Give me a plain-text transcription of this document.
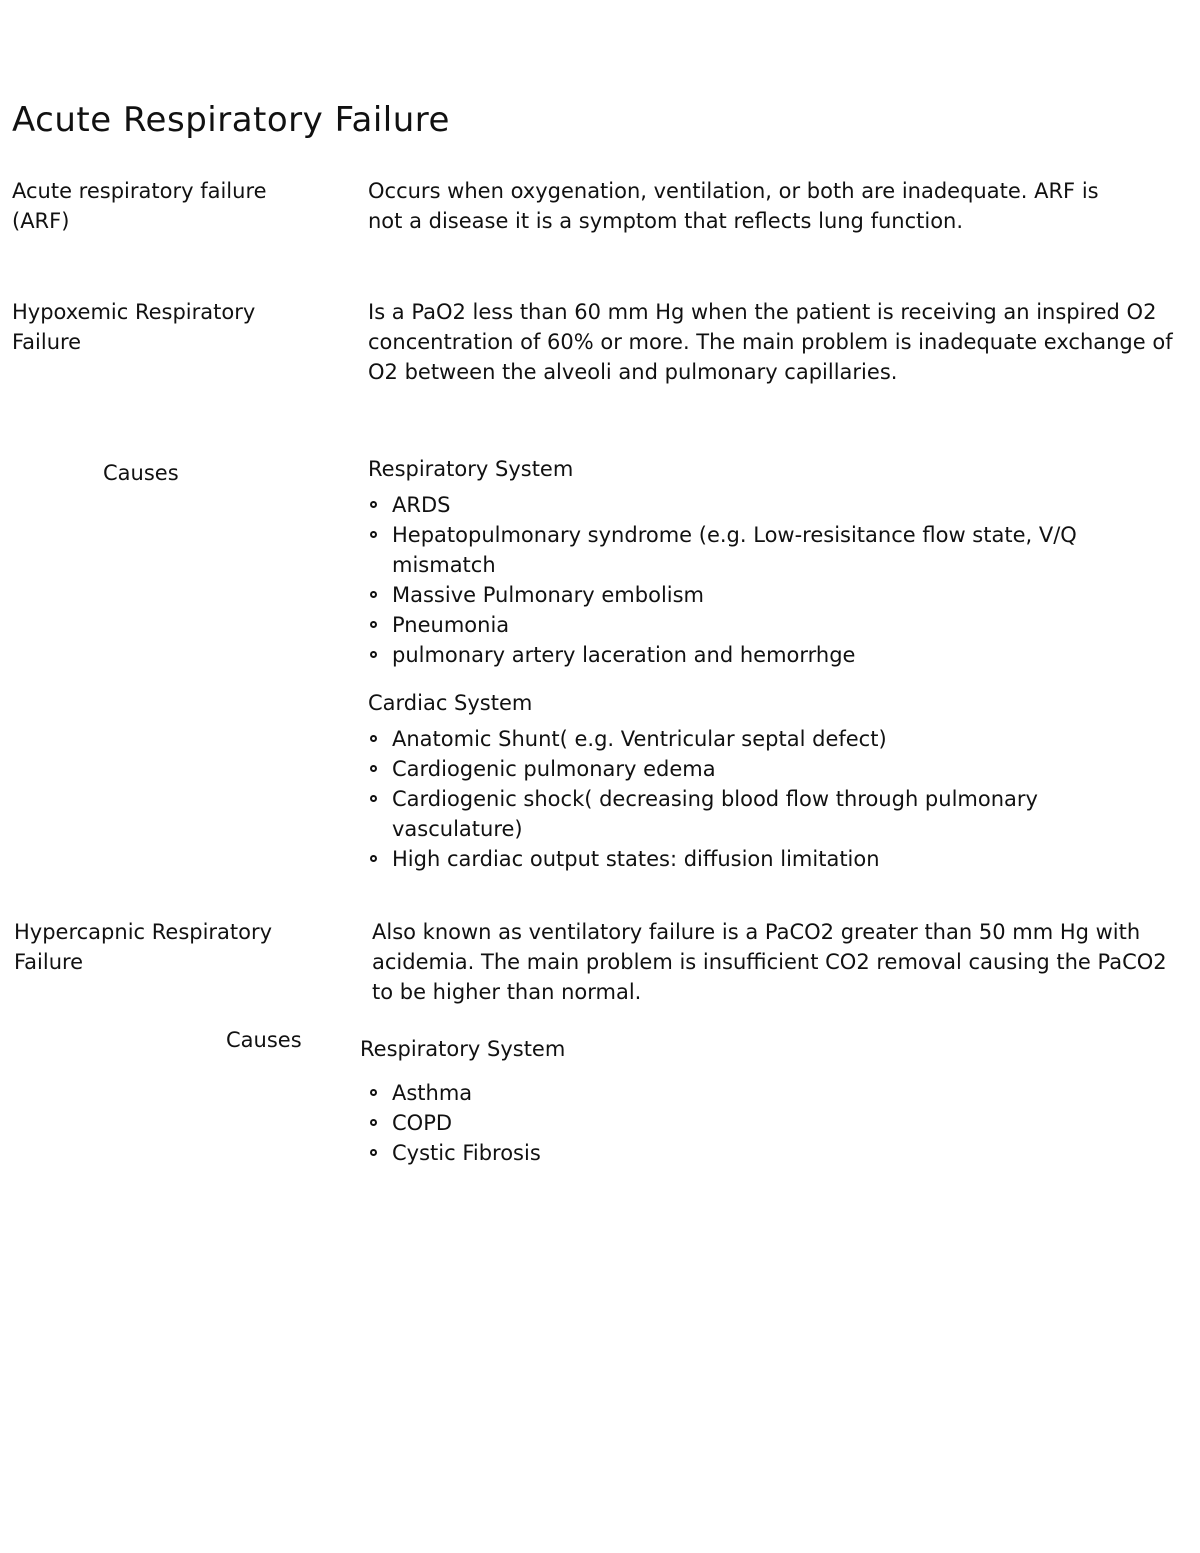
Acute Respiratory Failure
Acute respiratory failure
(ARF)
Occurs when oxygenation, ventilation, or both are inadequate. ARF is not a disease it is a symptom that reflects lung function.
Hypoxemic Respiratory
Failure
Is a PaO2 less than 60 mm Hg when the patient is receiving an inspired O2 concentration of 60% or more. The main problem is inadequate exchange of O2 between the alveoli and pulmonary capillaries.
Causes	Respiratory System
ARDS
Hepatopulmonary syndrome (e.g. Low-resisitance flow state, V/Q mismatch
Massive Pulmonary embolism
Pneumonia
pulmonary artery laceration and hemorrhge
Cardiac System
Anatomic Shunt( e.g. Ventricular septal defect)
Cardiogenic pulmonary edema
Cardiogenic shock( decreasing blood flow through pulmonary vasculature)
High cardiac output states: diffusion limitation
Hypercapnic Respiratory
Failure
Also known as ventilatory failure is a PaCO2 greater than 50 mm Hg with acidemia. The main problem is insufficient CO2 removal causing the PaCO2 to be higher than normal.
Causes	Respiratory System
Asthma
COPD
Cystic Fibrosis
